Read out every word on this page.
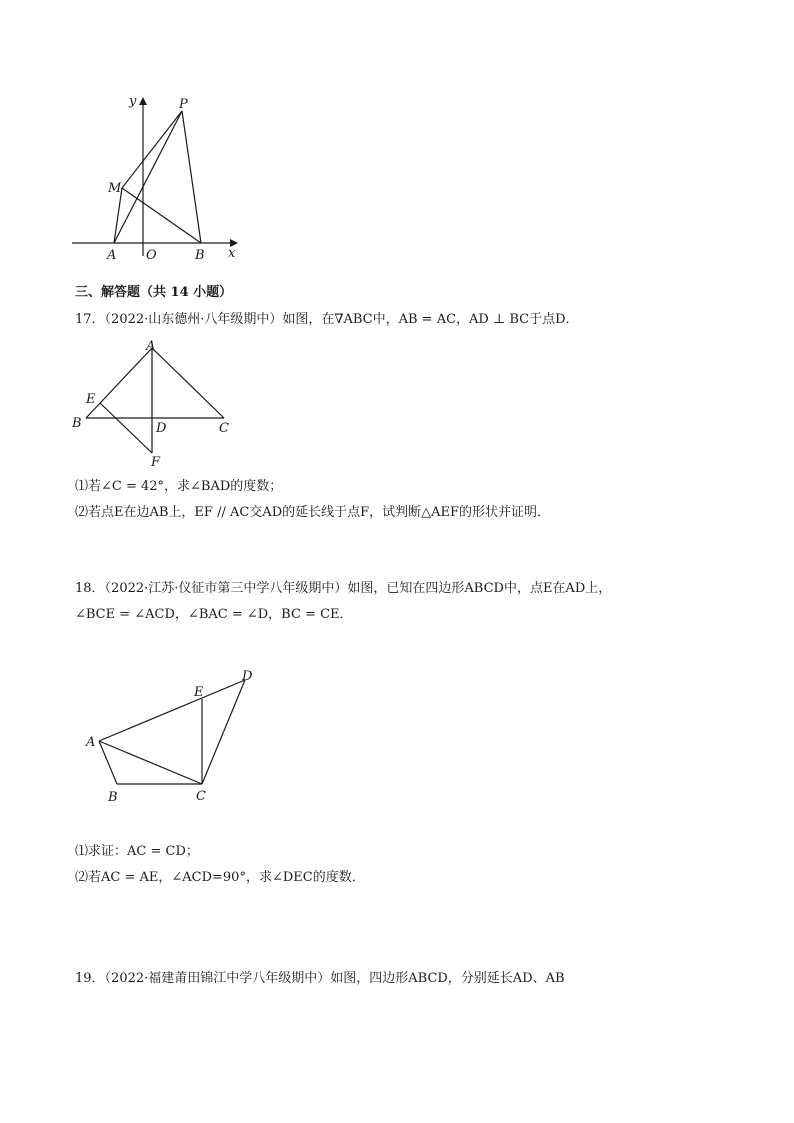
y	P
M
A O	B x
三、解答题（共 14 小题）
17．（2022·山东德州·八年级期中）如图，在∇ABC中，AB = AC，AD ⊥ BC于点D．
A
E
B	D	C
F
⑴若∠C = 42°，求∠BAD的度数；
⑵若点E在边AB上，EF // AC交AD的延长线于点F，试判断△AEF的形状并证明．
18．（2022·江苏·仪征市第三中学八年级期中）如图，已知在四边形ABCD中，点E在AD上，
∠BCE = ∠ACD，∠BAC = ∠D，BC = CE．
D
E
A
B	C
⑴求证：AC = CD；
⑵若AC = AE，∠ACD=90°，求∠DEC的度数．
19．（2022·福建莆田锦江中学八年级期中）如图，四边形ABCD，分别延长AD、AB
